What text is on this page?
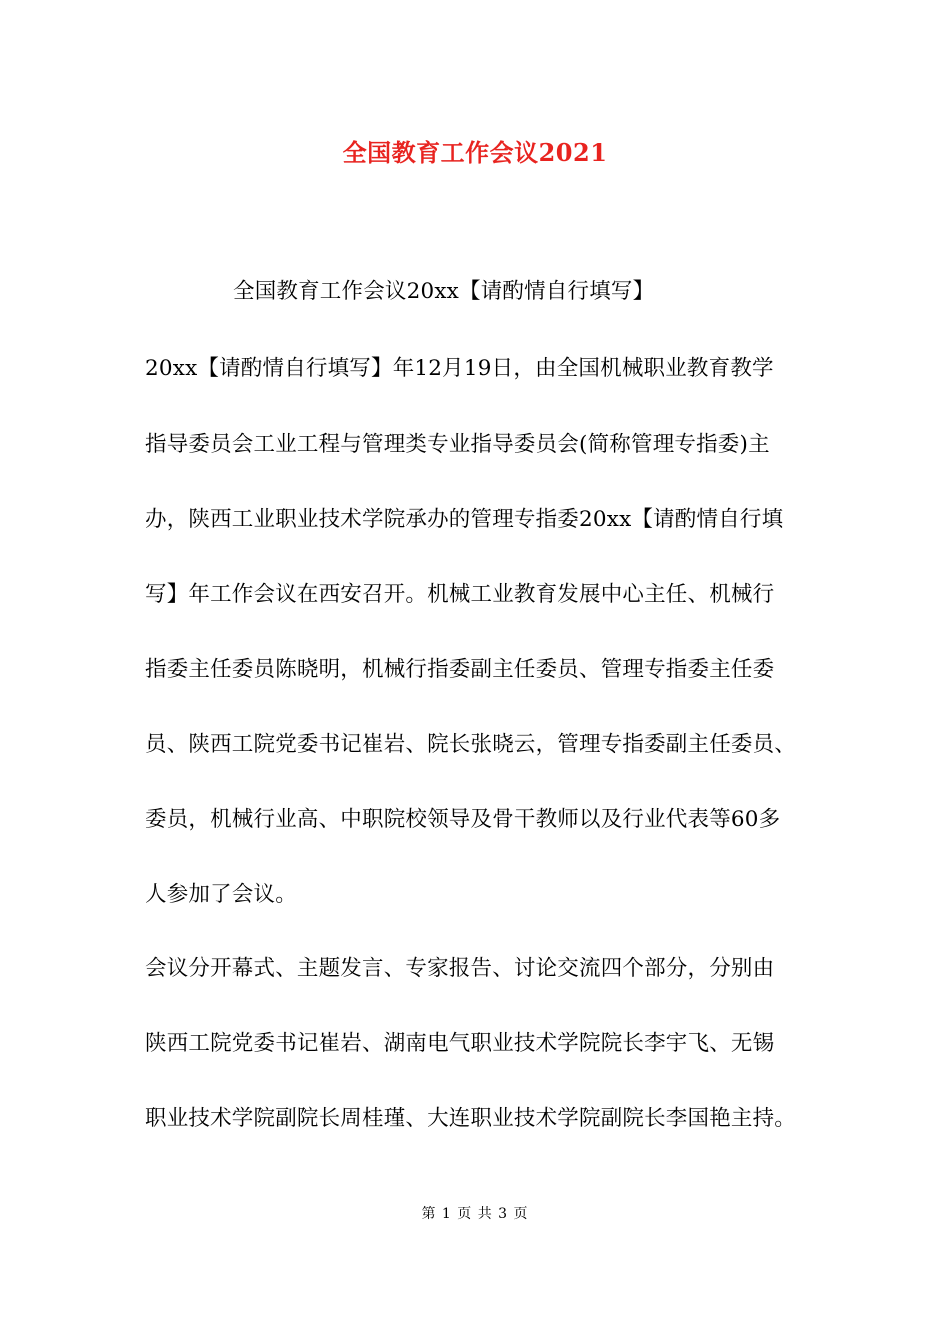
全国教育工作会议2021
全国教育工作会议20xx【请酌情自行填写】
20xx【请酌情自行填写】年12月19日，由全国机械职业教育教学
指导委员会工业工程与管理类专业指导委员会(简称管理专指委)主
办，陕西工业职业技术学院承办的管理专指委20xx【请酌情自行填
写】年工作会议在西安召开。机械工业教育发展中心主任、机械行
指委主任委员陈晓明，机械行指委副主任委员、管理专指委主任委
员、陕西工院党委书记崔岩、院长张晓云，管理专指委副主任委员、
委员，机械行业高、中职院校领导及骨干教师以及行业代表等60多
人参加了会议。
会议分开幕式、主题发言、专家报告、讨论交流四个部分，分别由
陕西工院党委书记崔岩、湖南电气职业技术学院院长李宇飞、无锡
职业技术学院副院长周桂瑾、大连职业技术学院副院长李国艳主持。
第 1 页 共 3 页
